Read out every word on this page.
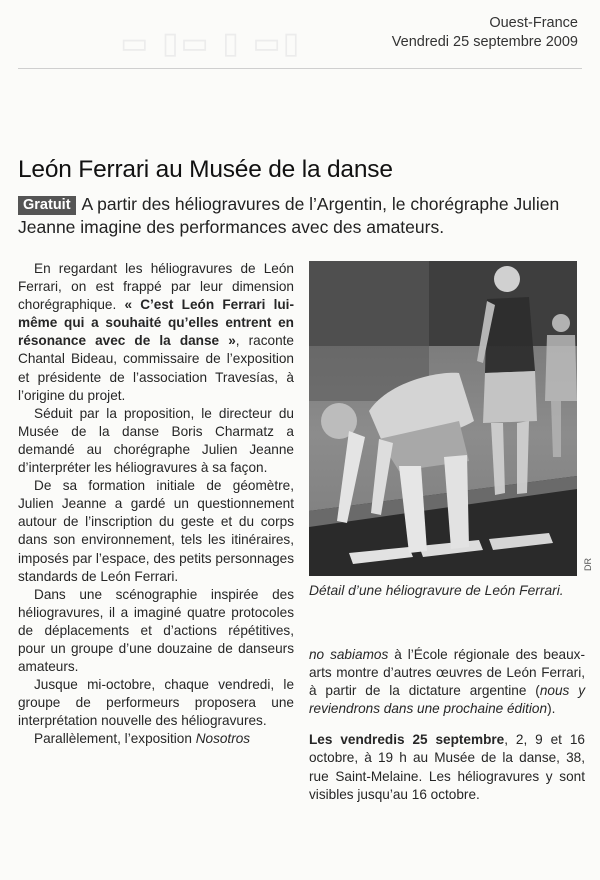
▭ ▯▭ ▯ ▭▯
Ouest-France
Vendredi 25 septembre 2009
León Ferrari au Musée de la danse
Gratuit A partir des héliogravures de l’Argentin, le chorégraphe Julien Jeanne imagine des performances avec des amateurs.

En regardant les héliogravures de León Ferrari, on est frappé par leur dimension chorégraphique. « C’est León Ferrari lui-même qui a souhaité qu’elles entrent en résonance avec de la danse », raconte Chantal Bideau, commissaire de l’exposition et présidente de l’association Travesías, à l’origine du projet.

Séduit par la proposition, le directeur du Musée de la danse Boris Charmatz a demandé au chorégraphe Julien Jeanne d’interpréter les héliogravures à sa façon.

De sa formation initiale de géomètre, Julien Jeanne a gardé un questionnement autour de l’inscription du geste et du corps dans son environnement, tels les itinéraires, imposés par l’espace, des petits personnages standards de León Ferrari.

Dans une scénographie inspirée des héliogravures, il a imaginé quatre protocoles de déplacements et d’actions répétitives, pour un groupe d’une douzaine de danseurs amateurs.

Jusque mi-octobre, chaque vendredi, le groupe de performeurs proposera une interprétation nouvelle des héliogravures.

Parallèlement, l’exposition Nosotros

DR
Détail d’une héliogravure de León Ferrari.

no sabiamos à l’École régionale des beaux-arts montre d’autres œuvres de León Ferrari, à partir de la dictature argentine (nous y reviendrons dans une prochaine édition).

Les vendredis 25 septembre, 2, 9 et 16 octobre, à 19 h au Musée de la danse, 38, rue Saint-Melaine. Les héliogravures y sont visibles jusqu’au 16 octobre.
